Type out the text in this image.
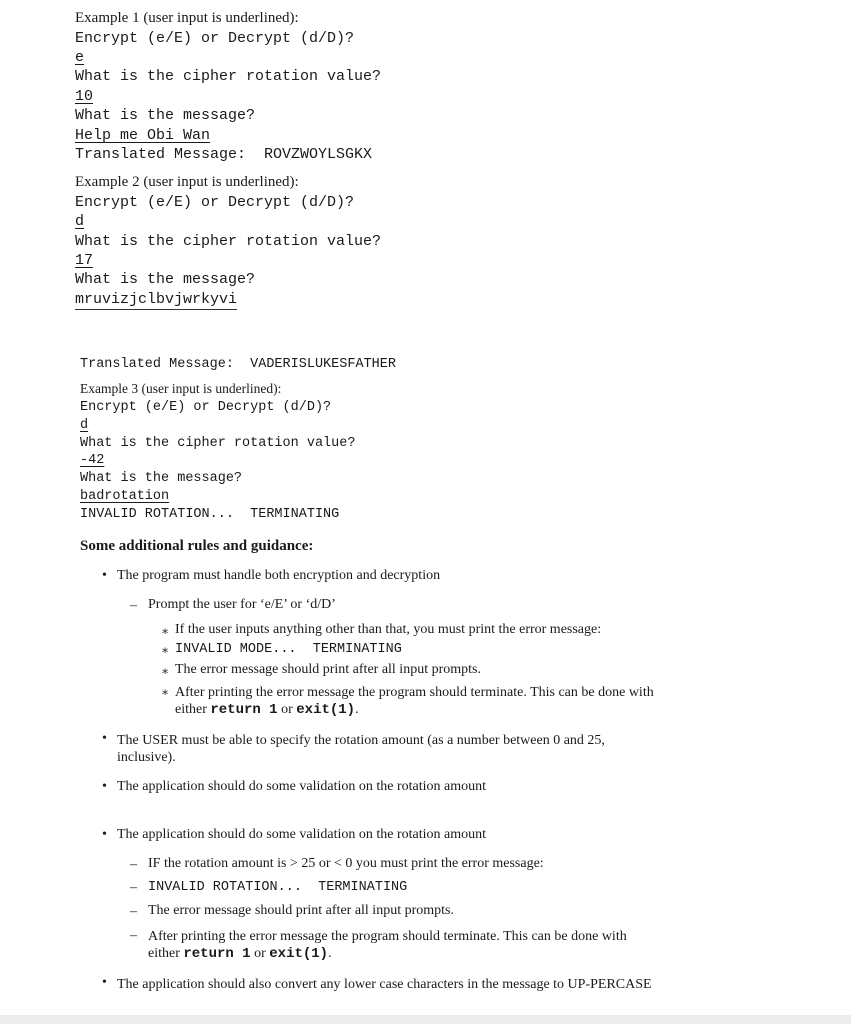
Example 1 (user input is underlined):
Encrypt (e/E) or Decrypt (d/D)?
e
What is the cipher rotation value?
10
What is the message?
Help me Obi Wan
Translated Message:  ROVZWOYLSGKX
Example 2 (user input is underlined):
Encrypt (e/E) or Decrypt (d/D)?
d
What is the cipher rotation value?
17
What is the message?
mruvizjclbvjwrkyvi
Translated Message:  VADERISLUKESFATHER
Example 3 (user input is underlined):
Encrypt (e/E) or Decrypt (d/D)?
d
What is the cipher rotation value?
-42
What is the message?
badrotation
INVALID ROTATION...  TERMINATING
Some additional rules and guidance:
• The program must handle both encryption and decryption
– Prompt the user for ‘e/E’ or ‘d/D’
∗ If the user inputs anything other than that, you must print the error message:
∗ INVALID MODE...  TERMINATING
∗ The error message should print after all input prompts.
∗ After printing the error message the program should terminate. This can be done with either return 1 or exit(1).
• The USER must be able to specify the rotation amount (as a number between 0 and 25, inclusive).
• The application should do some validation on the rotation amount
• The application should do some validation on the rotation amount
– IF the rotation amount is > 25 or < 0 you must print the error message:
– INVALID ROTATION...  TERMINATING
– The error message should print after all input prompts.
– After printing the error message the program should terminate. This can be done with either return 1 or exit(1).
• The application should also convert any lower case characters in the message to UP-PERCASE
